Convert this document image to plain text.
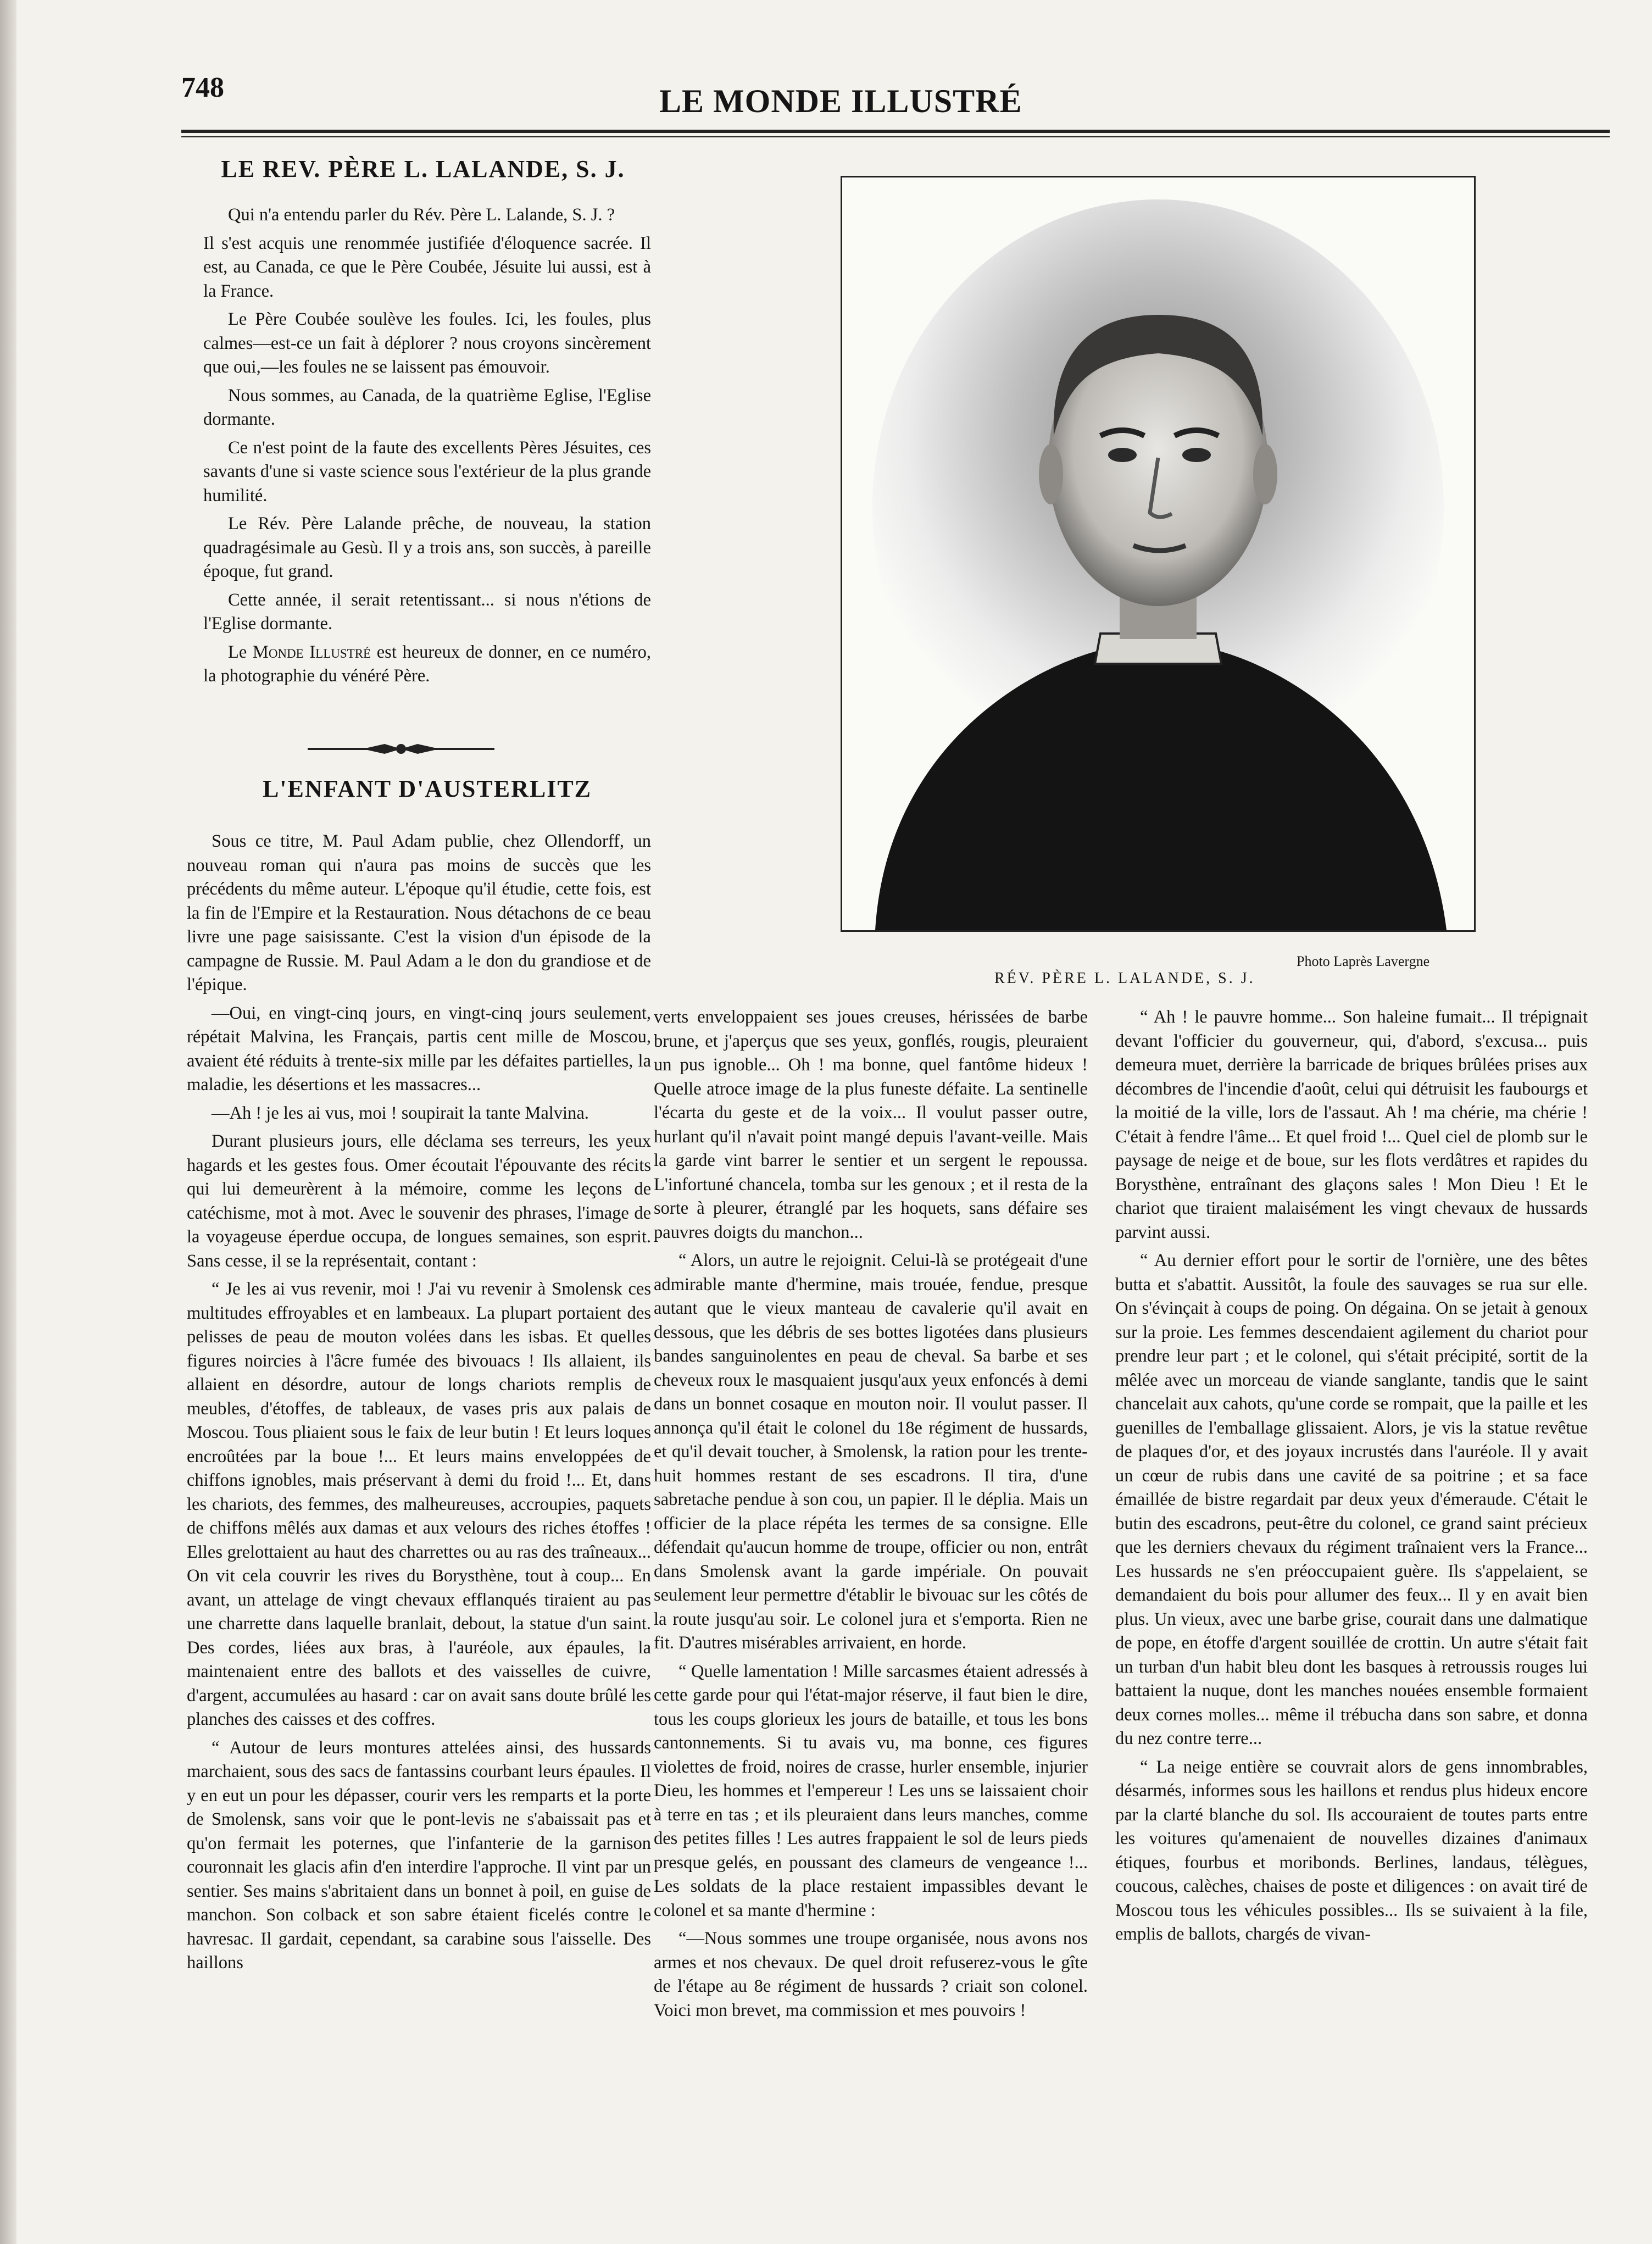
748	LE MONDE ILLUSTRÉ
LE REV. PÈRE L. LALANDE, S. J.

Qui n'a entendu parler du Rév. Père L. Lalande, S. J. ?

Il s'est acquis une renommée justifiée d'éloquence sacrée. Il est, au Canada, ce que le Père Coubée, Jésuite lui aussi, est à la France.

Le Père Coubée soulève les foules. Ici, les foules, plus calmes—est-ce un fait à déplorer ? nous croyons sincèrement que oui,—les foules ne se laissent pas émouvoir.

Nous sommes, au Canada, de la quatrième Eglise, l'Eglise dormante.

Ce n'est point de la faute des excellents Pères Jésuites, ces savants d'une si vaste science sous l'extérieur de la plus grande humilité.

Le Rév. Père Lalande prêche, de nouveau, la station quadragésimale au Gesù. Il y a trois ans, son succès, à pareille époque, fut grand.

Cette année, il serait retentissant... si nous n'étions de l'Eglise dormante.

Le Monde Illustré est heureux de donner, en ce numéro, la photographie du vénéré Père.

L'ENFANT D'AUSTERLITZ

Sous ce titre, M. Paul Adam publie, chez Ollendorff, un nouveau roman qui n'aura pas moins de succès que les précédents du même auteur. L'époque qu'il étudie, cette fois, est la fin de l'Empire et la Restauration. Nous détachons de ce beau livre une page saisissante. C'est la vision d'un épisode de la campagne de Russie. M. Paul Adam a le don du grandiose et de l'épique.

—Oui, en vingt-cinq jours, en vingt-cinq jours seulement, répétait Malvina, les Français, partis cent mille de Moscou, avaient été réduits à trente-six mille par les défaites partielles, la maladie, les désertions et les massacres...

—Ah ! je les ai vus, moi ! soupirait la tante Malvina.

Durant plusieurs jours, elle déclama ses terreurs, les yeux hagards et les gestes fous. Omer écoutait l'épouvante des récits qui lui demeurèrent à la mémoire, comme les leçons de catéchisme, mot à mot. Avec le souvenir des phrases, l'image de la voyageuse éperdue occupa, de longues semaines, son esprit. Sans cesse, il se la représentait, contant :

“ Je les ai vus revenir, moi ! J'ai vu revenir à Smolensk ces multitudes effroyables et en lambeaux. La plupart portaient des pelisses de peau de mouton volées dans les isbas. Et quelles figures noircies à l'âcre fumée des bivouacs ! Ils allaient, ils allaient en désordre, autour de longs chariots remplis de meubles, d'étoffes, de tableaux, de vases pris aux palais de Moscou. Tous pliaient sous le faix de leur butin ! Et leurs loques encroûtées par la boue !... Et leurs mains enveloppées de chiffons ignobles, mais préservant à demi du froid !... Et, dans les chariots, des femmes, des malheureuses, accroupies, paquets de chiffons mêlés aux damas et aux velours des riches étoffes ! Elles grelottaient au haut des charrettes ou au ras des traîneaux... On vit cela couvrir les rives du Borysthène, tout à coup... En avant, un attelage de vingt chevaux efflanqués tiraient au pas une charrette dans laquelle branlait, debout, la statue d'un saint. Des cordes, liées aux bras, à l'auréole, aux épaules, la maintenaient entre des ballots et des vaisselles de cuivre, d'argent, accumulées au hasard : car on avait sans doute brûlé les planches des caisses et des coffres.

“ Autour de leurs montures attelées ainsi, des hussards marchaient, sous des sacs de fantassins courbant leurs épaules. Il y en eut un pour les dépasser, courir vers les remparts et la porte de Smolensk, sans voir que le pont-levis ne s'abaissait pas et qu'on fermait les poternes, que l'infanterie de la garnison couronnait les glacis afin d'en interdire l'approche. Il vint par un sentier. Ses mains s'abritaient dans un bonnet à poil, en guise de manchon. Son colback et son sabre étaient ficelés contre le havresac. Il gardait, cependant, sa carabine sous l'aisselle. Des haillons

Photo Laprès Lavergne
RÉV. PÈRE L. LALANDE, S. J.

verts enveloppaient ses joues creuses, hérissées de barbe brune, et j'aperçus que ses yeux, gonflés, rougis, pleuraient un pus ignoble... Oh ! ma bonne, quel fantôme hideux ! Quelle atroce image de la plus funeste défaite. La sentinelle l'écarta du geste et de la voix... Il voulut passer outre, hurlant qu'il n'avait point mangé depuis l'avant-veille. Mais la garde vint barrer le sentier et un sergent le repoussa. L'infortuné chancela, tomba sur les genoux ; et il resta de la sorte à pleurer, étranglé par les hoquets, sans défaire ses pauvres doigts du manchon...

“ Alors, un autre le rejoignit. Celui-là se protégeait d'une admirable mante d'hermine, mais trouée, fendue, presque autant que le vieux manteau de cavalerie qu'il avait en dessous, que les débris de ses bottes ligotées dans plusieurs bandes sanguinolentes en peau de cheval. Sa barbe et ses cheveux roux le masquaient jusqu'aux yeux enfoncés à demi dans un bonnet cosaque en mouton noir. Il voulut passer. Il annonça qu'il était le colonel du 18e régiment de hussards, et qu'il devait toucher, à Smolensk, la ration pour les trente-huit hommes restant de ses escadrons. Il tira, d'une sabretache pendue à son cou, un papier. Il le déplia. Mais un officier de la place répéta les termes de sa consigne. Elle défendait qu'aucun homme de troupe, officier ou non, entrât dans Smolensk avant la garde impériale. On pouvait seulement leur permettre d'établir le bivouac sur les côtés de la route jusqu'au soir. Le colonel jura et s'emporta. Rien ne fit. D'autres misérables arrivaient, en horde.

“ Quelle lamentation ! Mille sarcasmes étaient adressés à cette garde pour qui l'état-major réserve, il faut bien le dire, tous les coups glorieux les jours de bataille, et tous les bons cantonnements. Si tu avais vu, ma bonne, ces figures violettes de froid, noires de crasse, hurler ensemble, injurier Dieu, les hommes et l'empereur ! Les uns se laissaient choir à terre en tas ; et ils pleuraient dans leurs manches, comme des petites filles ! Les autres frappaient le sol de leurs pieds presque gelés, en poussant des clameurs de vengeance !... Les soldats de la place restaient impassibles devant le colonel et sa mante d'hermine :

“—Nous sommes une troupe organisée, nous avons nos armes et nos chevaux. De quel droit refuserez-vous le gîte de l'étape au 8e régiment de hussards ? criait son colonel. Voici mon brevet, ma commission et mes pouvoirs !

“ Ah ! le pauvre homme... Son haleine fumait... Il trépignait devant l'officier du gouverneur, qui, d'abord, s'excusa... puis demeura muet, derrière la barricade de briques brûlées prises aux décombres de l'incendie d'août, celui qui détruisit les faubourgs et la moitié de la ville, lors de l'assaut. Ah ! ma chérie, ma chérie ! C'était à fendre l'âme... Et quel froid !... Quel ciel de plomb sur le paysage de neige et de boue, sur les flots verdâtres et rapides du Borysthène, entraînant des glaçons sales ! Mon Dieu ! Et le chariot que tiraient malaisément les vingt chevaux de hussards parvint aussi.

“ Au dernier effort pour le sortir de l'ornière, une des bêtes butta et s'abattit. Aussitôt, la foule des sauvages se rua sur elle. On s'évinçait à coups de poing. On dégaina. On se jetait à genoux sur la proie. Les femmes descendaient agilement du chariot pour prendre leur part ; et le colonel, qui s'était précipité, sortit de la mêlée avec un morceau de viande sanglante, tandis que le saint chancelait aux cahots, qu'une corde se rompait, que la paille et les guenilles de l'emballage glissaient. Alors, je vis la statue revêtue de plaques d'or, et des joyaux incrustés dans l'auréole. Il y avait un cœur de rubis dans une cavité de sa poitrine ; et sa face émaillée de bistre regardait par deux yeux d'émeraude. C'était le butin des escadrons, peut-être du colonel, ce grand saint précieux que les derniers chevaux du régiment traînaient vers la France... Les hussards ne s'en préoccupaient guère. Ils s'appelaient, se demandaient du bois pour allumer des feux... Il y en avait bien plus. Un vieux, avec une barbe grise, courait dans une dalmatique de pope, en étoffe d'argent souillée de crottin. Un autre s'était fait un turban d'un habit bleu dont les basques à retroussis rouges lui battaient la nuque, dont les manches nouées ensemble formaient deux cornes molles... même il trébucha dans son sabre, et donna du nez contre terre...

“ La neige entière se couvrait alors de gens innombrables, désarmés, informes sous les haillons et rendus plus hideux encore par la clarté blanche du sol. Ils accouraient de toutes parts entre les voitures qu'amenaient de nouvelles dizaines d'animaux étiques, fourbus et moribonds. Berlines, landaus, télègues, coucous, calèches, chaises de poste et diligences : on avait tiré de Moscou tous les véhicules possibles... Ils se suivaient à la file, emplis de ballots, chargés de vivan-
